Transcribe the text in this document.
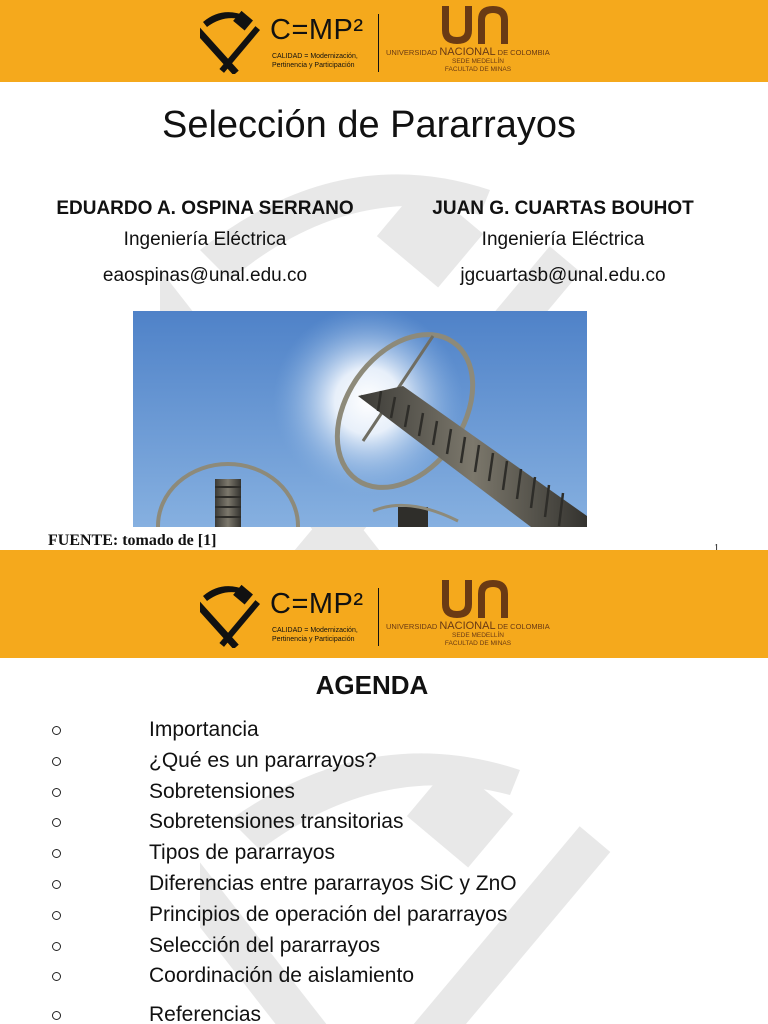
C=MP²
CALIDAD = Modernización,
Pertinencia y Participación
UNIVERSIDAD NACIONAL DE COLOMBIA
SEDE MEDELLÍN
FACULTAD DE MINAS
Selección de Pararrayos
EDUARDO A. OSPINA SERRANO
Ingeniería Eléctrica
eaospinas@unal.edu.co
JUAN G. CUARTAS BOUHOT
Ingeniería Eléctrica
jgcuartasb@unal.edu.co
FUENTE: tomado de [1]	1
C=MP²
CALIDAD = Modernización,
Pertinencia y Participación
UNIVERSIDAD NACIONAL DE COLOMBIA
SEDE MEDELLÍN
FACULTAD DE MINAS
AGENDA
Importancia
¿Qué es un pararrayos?
Sobretensiones
Sobretensiones transitorias
Tipos de pararrayos
Diferencias entre pararrayos SiC y ZnO
Principios de operación del pararrayos
Selección del pararrayos
Coordinación de aislamiento
Referencias
